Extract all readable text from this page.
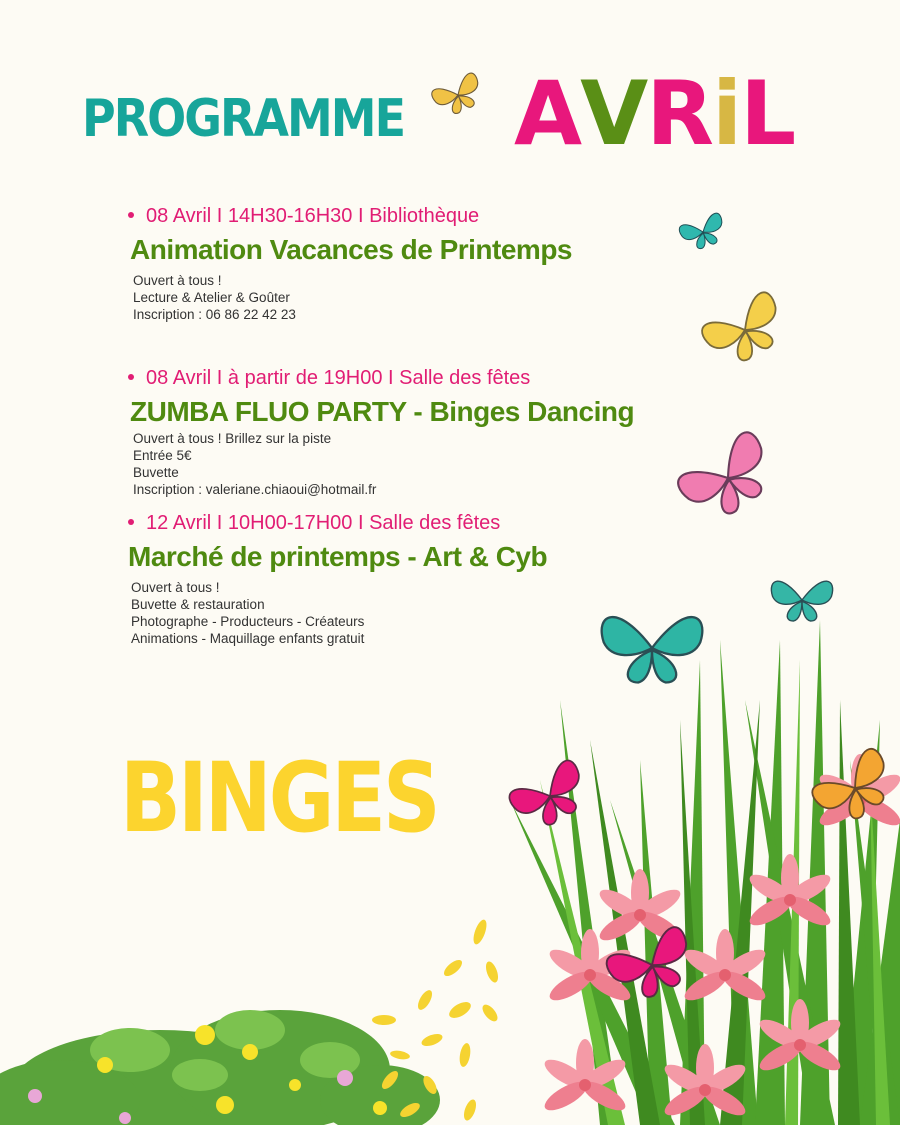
PROGRAMME AVRiL
08 Avril I 14H30-16H30 I Bibliothèque
Animation Vacances de Printemps
Ouvert à tous !
Lecture & Atelier & Goûter
Inscription : 06 86 22 42 23
08 Avril I à partir de 19H00 I Salle des fêtes
ZUMBA FLUO PARTY - Binges Dancing
Ouvert à tous ! Brillez sur la piste
Entrée 5€
Buvette
Inscription : valeriane.chiaoui@hotmail.fr
12 Avril I 10H00-17H00 I Salle des fêtes
Marché de printemps - Art & Cyb
Ouvert à tous !
Buvette & restauration
Photographe - Producteurs - Créateurs
Animations - Maquillage enfants gratuit
BINGES
